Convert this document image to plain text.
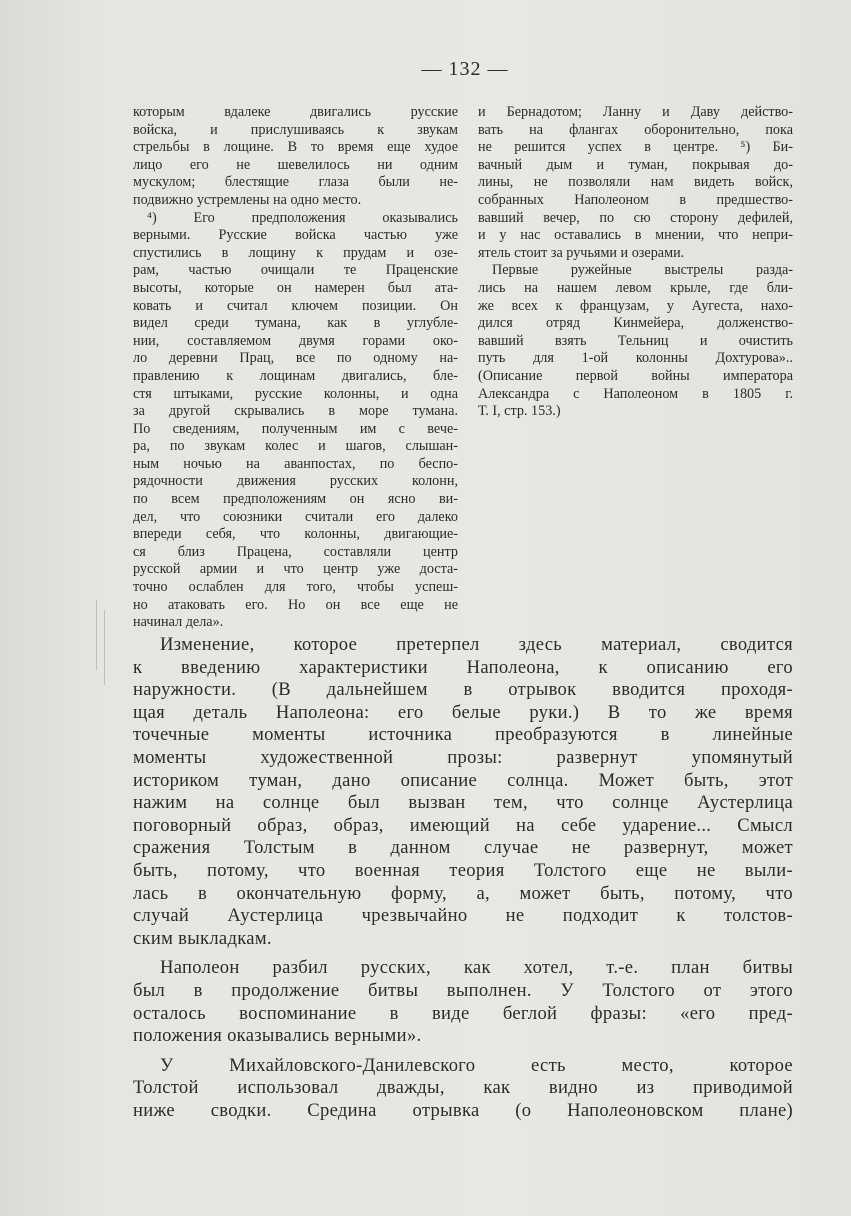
— 132 —
которым вдалеке двигались русские
войска, и прислушиваясь к звукам
стрельбы в лощине. В то время еще худое
лицо его не шевелилось ни одним
мускулом; блестящие глаза были не-
подвижно устремлены на одно место.
⁴) Его предположения оказывались
верными. Русские войска частью уже
спустились в лощину к прудам и озе-
рам, частью очищали те Праценские
высоты, которые он намерен был ата-
ковать и считал ключем позиции. Он
видел среди тумана, как в углубле-
нии, составляемом двумя горами око-
ло деревни Прац, все по одному на-
правлению к лощинам двигались, бле-
стя штыками, русские колонны, и одна
за другой скрывались в море тумана.
По сведениям, полученным им с вече-
ра, по звукам колес и шагов, слышан-
ным ночью на аванпостах, по беспо-
рядочности движения русских колонн,
по всем предположениям он ясно ви-
дел, что союзники считали его далеко
впереди себя, что колонны, двигающие-
ся близ Працена, составляли центр
русской армии и что центр уже доста-
точно ослаблен для того, чтобы успеш-
но атаковать его. Но он все еще не
начинал дела».
и Бернадотом; Ланну и Даву действо-
вать на флангах оборонительно, пока
не решится успех в центре. ⁵) Би-
вачный дым и туман, покрывая до-
лины, не позволяли нам видеть войск,
собранных Наполеоном в предшество-
вавший вечер, по сю сторону дефилей,
и у нас оставались в мнении, что непри-
ятель стоит за ручьями и озерами.
Первые ружейные выстрелы разда-
лись на нашем левом крыле, где бли-
же всех к французам, у Аугеста, нахо-
дился отряд Кинмейера, долженство-
вавший взять Тельниц и очистить
путь для 1-ой колонны Дохтурова»..
(Описание первой войны императора
Александра с Наполеоном в 1805 г.
Т. I, стр. 153.)
Изменение, которое претерпел здесь материал, сводится
к введению характеристики Наполеона, к описанию его
наружности. (В дальнейшем в отрывок вводится проходя-
щая деталь Наполеона: его белые руки.) В то же время
точечные моменты источника преобразуются в линейные
моменты художественной прозы: развернут упомянутый
историком туман, дано описание солнца. Может быть, этот
нажим на солнце был вызван тем, что солнце Аустерлица
поговорный образ, образ, имеющий на себе ударение... Смысл
сражения Толстым в данном случае не развернут, может
быть, потому, что военная теория Толстого еще не выли-
лась в окончательную форму, а, может быть, потому, что
случай Аустерлица чрезвычайно не подходит к толстов-
ским выкладкам.
Наполеон разбил русских, как хотел, т.-е. план битвы
был в продолжение битвы выполнен. У Толстого от этого
осталось воспоминание в виде беглой фразы: «его пред-
положения оказывались верными».
У Михайловского-Данилевского есть место, которое
Толстой использовал дважды, как видно из приводимой
ниже сводки. Средина отрывка (о Наполеоновском плане)
